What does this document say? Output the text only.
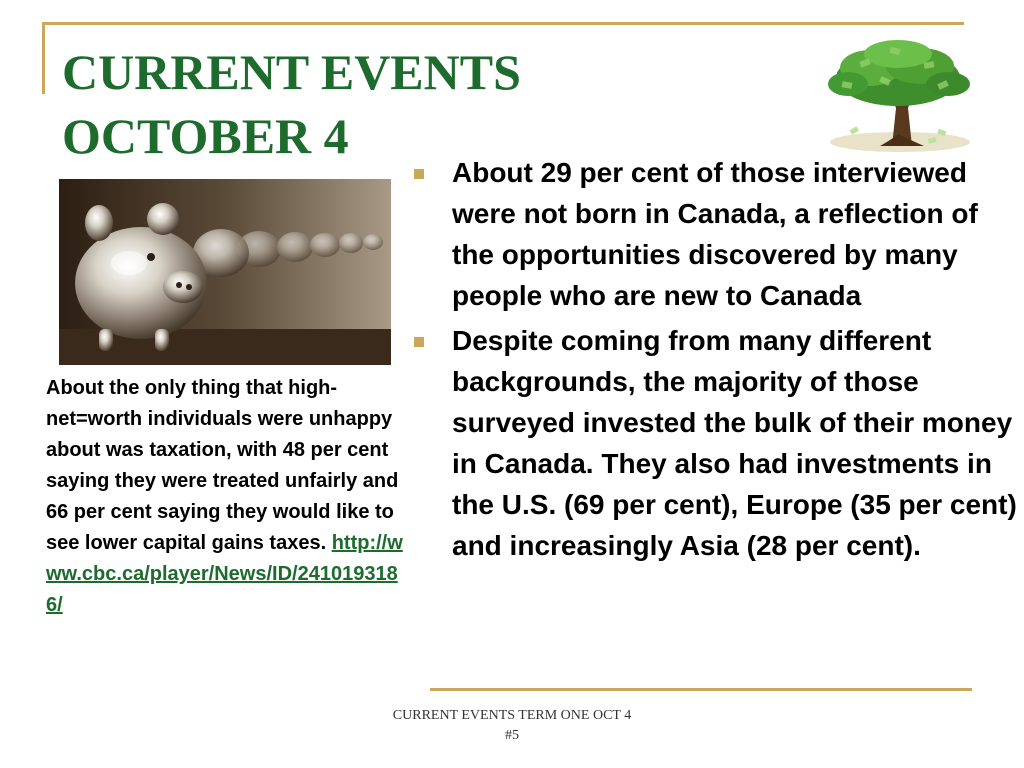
CURRENT EVENTS
OCTOBER 4
About the only thing that high-net=worth individuals were unhappy about was taxation, with 48 per cent saying they were treated unfairly and 66 per cent saying they would like to see lower capital gains taxes. http://www.cbc.ca/player/News/ID/2410193186/
About 29 per cent of those interviewed were not born in Canada, a reflection of the opportunities discovered by many people who are new to Canada
Despite coming from many different backgrounds, the majority of those surveyed invested the bulk of their money in Canada. They also had investments in the U.S. (69 per cent), Europe (35 per cent) and increasingly Asia (28 per cent).
CURRENT EVENTS TERM ONE OCT 4
#5
